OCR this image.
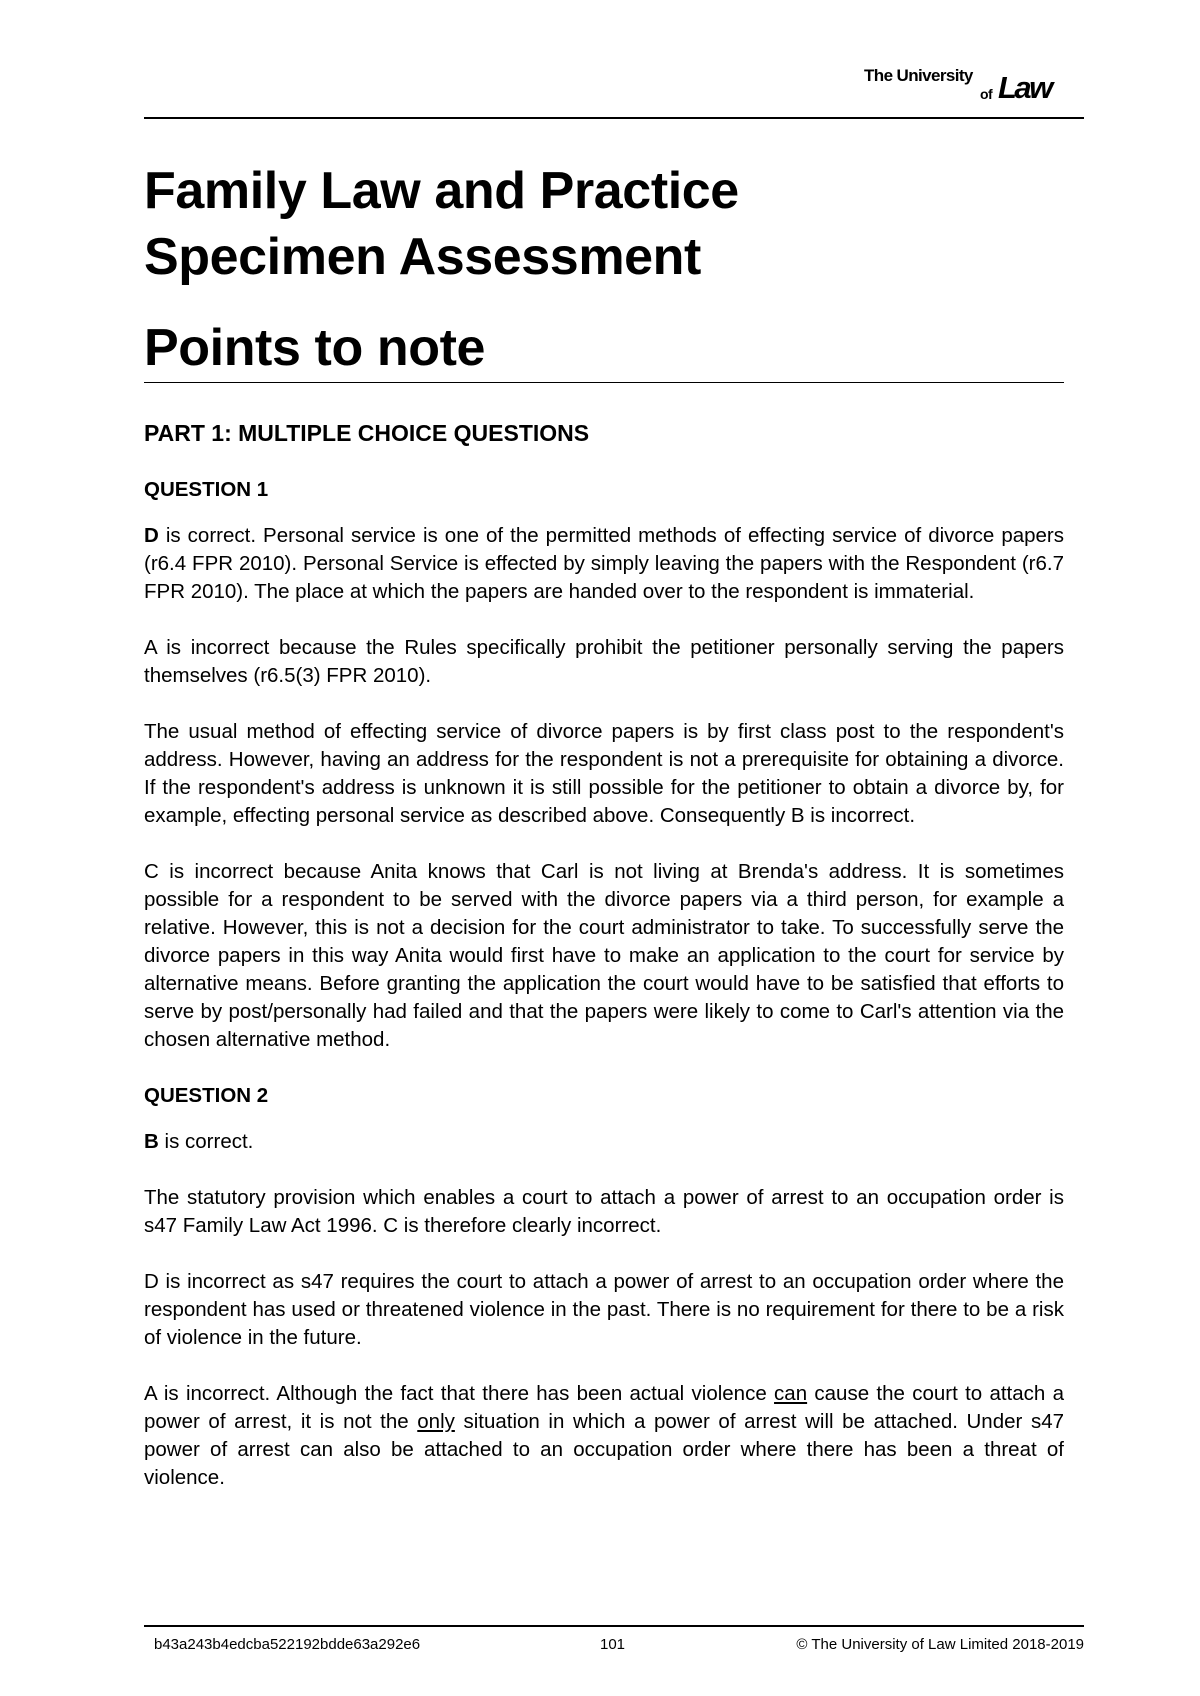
The University
of Law
Family Law and Practice
Specimen Assessment
Points to note
PART 1: MULTIPLE CHOICE QUESTIONS
QUESTION 1

D is correct. Personal service is one of the permitted methods of effecting service of divorce papers (r6.4 FPR 2010). Personal Service is effected by simply leaving the papers with the Respondent (r6.7 FPR 2010). The place at which the papers are handed over to the respondent is immaterial.

A is incorrect because the Rules specifically prohibit the petitioner personally serving the papers themselves (r6.5(3) FPR 2010).

The usual method of effecting service of divorce papers is by first class post to the respondent's address. However, having an address for the respondent is not a prerequisite for obtaining a divorce. If the respondent's address is unknown it is still possible for the petitioner to obtain a divorce by, for example, effecting personal service as described above. Consequently B is incorrect.

C is incorrect because Anita knows that Carl is not living at Brenda's address. It is sometimes possible for a respondent to be served with the divorce papers via a third person, for example a relative. However, this is not a decision for the court administrator to take. To successfully serve the divorce papers in this way Anita would first have to make an application to the court for service by alternative means. Before granting the application the court would have to be satisfied that efforts to serve by post/personally had failed and that the papers were likely to come to Carl's attention via the chosen alternative method.

QUESTION 2

B is correct.

The statutory provision which enables a court to attach a power of arrest to an occupation order is s47 Family Law Act 1996. C is therefore clearly incorrect.

D is incorrect as s47 requires the court to attach a power of arrest to an occupation order where the respondent has used or threatened violence in the past. There is no requirement for there to be a risk of violence in the future.

A is incorrect. Although the fact that there has been actual violence can cause the court to attach a power of arrest, it is not the only situation in which a power of arrest will be attached. Under s47 power of arrest can also be attached to an occupation order where there has been a threat of violence.

b43a243b4edcba522192bdde63a292e6	101	© The University of Law Limited 2018-2019
